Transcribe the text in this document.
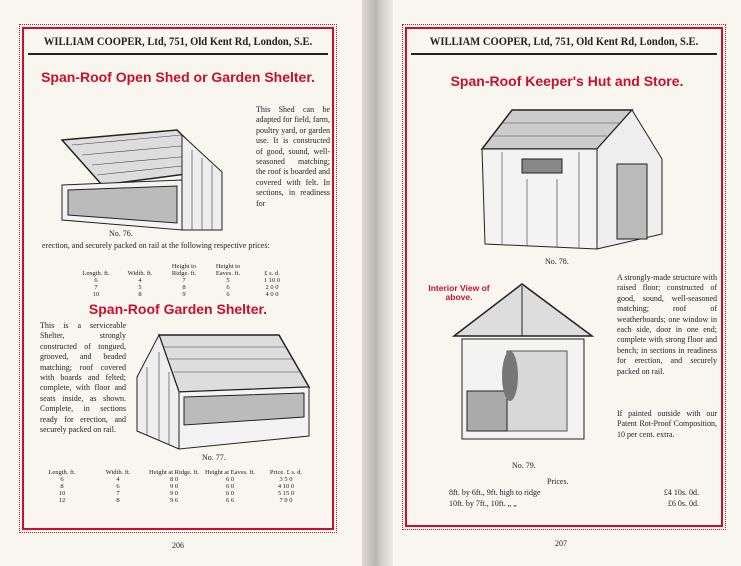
WILLIAM COOPER, Ltd, 751, Old Kent Rd, London, S.E.
Span-Roof Open Shed or Garden Shelter.
No. 76.
This Shed can be adapted for field, farm, poultry yard, or garden use. It is constructed of good, sound, well-seasoned matching; the roof is boarded and covered with felt. In sections, in readiness for
erection, and securely packed on rail at the following respective prices:
Length. ft.	Width. ft.	Height to Ridge. ft.	Height to Eaves. ft.	£ s. d.
6	4	7	5	1 10 0
7	5	8	6	2 0 0
10	8	9	6	4 0 0
Span-Roof Garden Shelter.
This is a serviceable Shelter, strongly constructed of tongued, grooved, and beaded matching; roof covered with boards and felted; complete, with floor and seats inside, as shown. Complete, in sections ready for erection, and securely packed on rail.
No. 77.
Length. ft.	Width. ft.	Height at Ridge. ft.	Height at Eaves. ft.	Price. £ s. d.
6	4	8 0	6 0	3 5 0
8	6	9 0	6 0	4 10 0
10	7	9 0	6 0	5 15 0
12	8	9 6	6 6	7 0 0
206	207
WILLIAM COOPER, Ltd, 751, Old Kent Rd, London, S.E.
Span-Roof Keeper's Hut and Store.
No. 78.
Interior View of above.
No. 79.
A strongly-made structure with raised floor; constructed of good, sound, well-seasoned matching; roof of weatherboards; one window in each side, door in one end; complete with strong floor and bench; in sections in readiness for erection, and securely packed on rail.
If painted outside with our Patent Rot-Proof Composition, 10 per cent. extra.
Prices.
8ft. by 6ft., 9ft. high to ridge	£4 10s. 0d.
10ft. by 7ft., 10ft. „ „	£6 0s. 0d.
